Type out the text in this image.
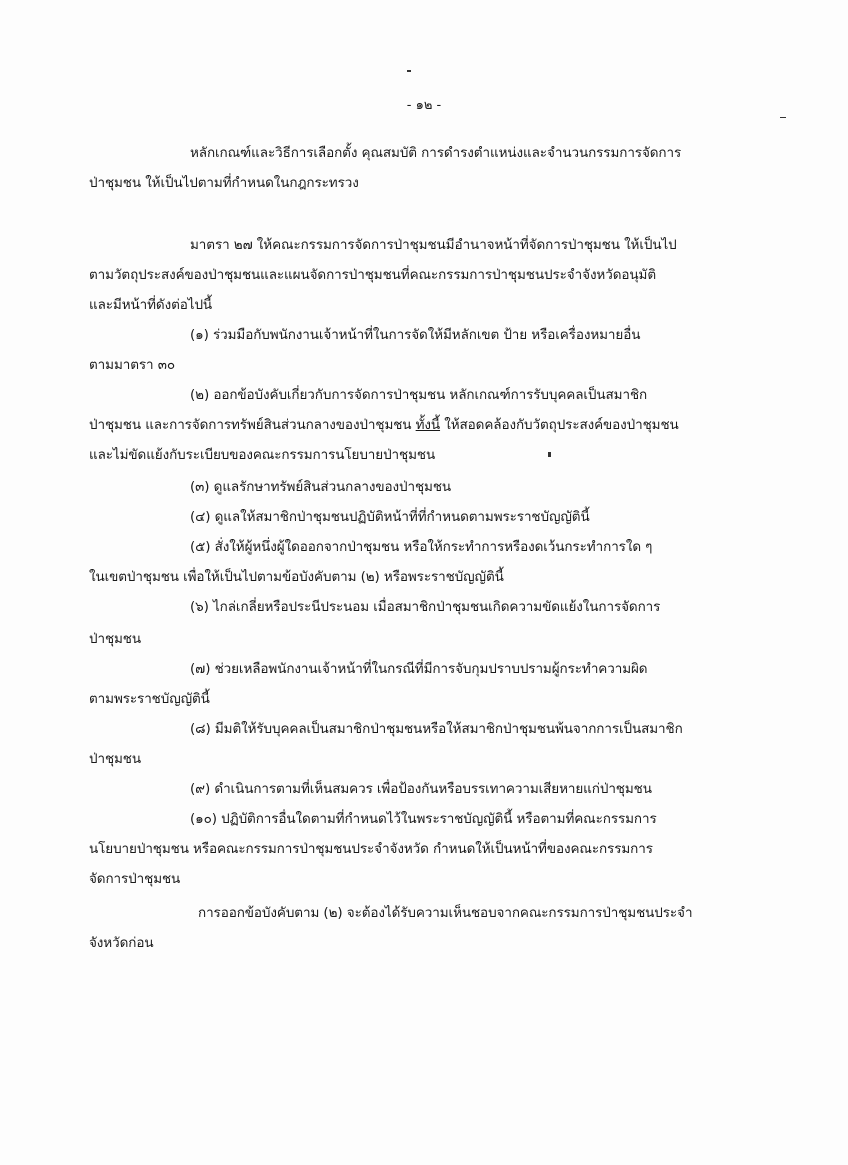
- ๑๒ -
หลักเกณฑ์และวิธีการเลือกตั้ง คุณสมบัติ การดำรงตำแหน่งและจำนวนกรรมการจัดการ
ป่าชุมชน ให้เป็นไปตามที่กำหนดในกฎกระทรวง
มาตรา ๒๗ ให้คณะกรรมการจัดการป่าชุมชนมีอำนาจหน้าที่จัดการป่าชุมชน ให้เป็นไป
ตามวัตถุประสงค์ของป่าชุมชนและแผนจัดการป่าชุมชนที่คณะกรรมการป่าชุมชนประจำจังหวัดอนุมัติ
และมีหน้าที่ดังต่อไปนี้
(๑) ร่วมมือกับพนักงานเจ้าหน้าที่ในการจัดให้มีหลักเขต ป้าย หรือเครื่องหมายอื่น
ตามมาตรา ๓๐
(๒) ออกข้อบังคับเกี่ยวกับการจัดการป่าชุมชน หลักเกณฑ์การรับบุคคลเป็นสมาชิก
ป่าชุมชน และการจัดการทรัพย์สินส่วนกลางของป่าชุมชน ทั้งนี้ ให้สอดคล้องกับวัตถุประสงค์ของป่าชุมชน
และไม่ขัดแย้งกับระเบียบของคณะกรรมการนโยบายป่าชุมชน
(๓) ดูแลรักษาทรัพย์สินส่วนกลางของป่าชุมชน
(๔) ดูแลให้สมาชิกป่าชุมชนปฏิบัติหน้าที่ที่กำหนดตามพระราชบัญญัตินี้
(๕) สั่งให้ผู้หนึ่งผู้ใดออกจากป่าชุมชน หรือให้กระทำการหรืองดเว้นกระทำการใด ๆ
ในเขตป่าชุมชน เพื่อให้เป็นไปตามข้อบังคับตาม (๒) หรือพระราชบัญญัตินี้
(๖) ไกล่เกลี่ยหรือประนีประนอม เมื่อสมาชิกป่าชุมชนเกิดความขัดแย้งในการจัดการ
ป่าชุมชน
(๗) ช่วยเหลือพนักงานเจ้าหน้าที่ในกรณีที่มีการจับกุมปราบปรามผู้กระทำความผิด
ตามพระราชบัญญัตินี้
(๘) มีมติให้รับบุคคลเป็นสมาชิกป่าชุมชนหรือให้สมาชิกป่าชุมชนพ้นจากการเป็นสมาชิก
ป่าชุมชน
(๙) ดำเนินการตามที่เห็นสมควร เพื่อป้องกันหรือบรรเทาความเสียหายแก่ป่าชุมชน
(๑๐) ปฏิบัติการอื่นใดตามที่กำหนดไว้ในพระราชบัญญัตินี้ หรือตามที่คณะกรรมการ
นโยบายป่าชุมชน หรือคณะกรรมการป่าชุมชนประจำจังหวัด กำหนดให้เป็นหน้าที่ของคณะกรรมการ
จัดการป่าชุมชน
การออกข้อบังคับตาม (๒) จะต้องได้รับความเห็นชอบจากคณะกรรมการป่าชุมชนประจำ
จังหวัดก่อน
